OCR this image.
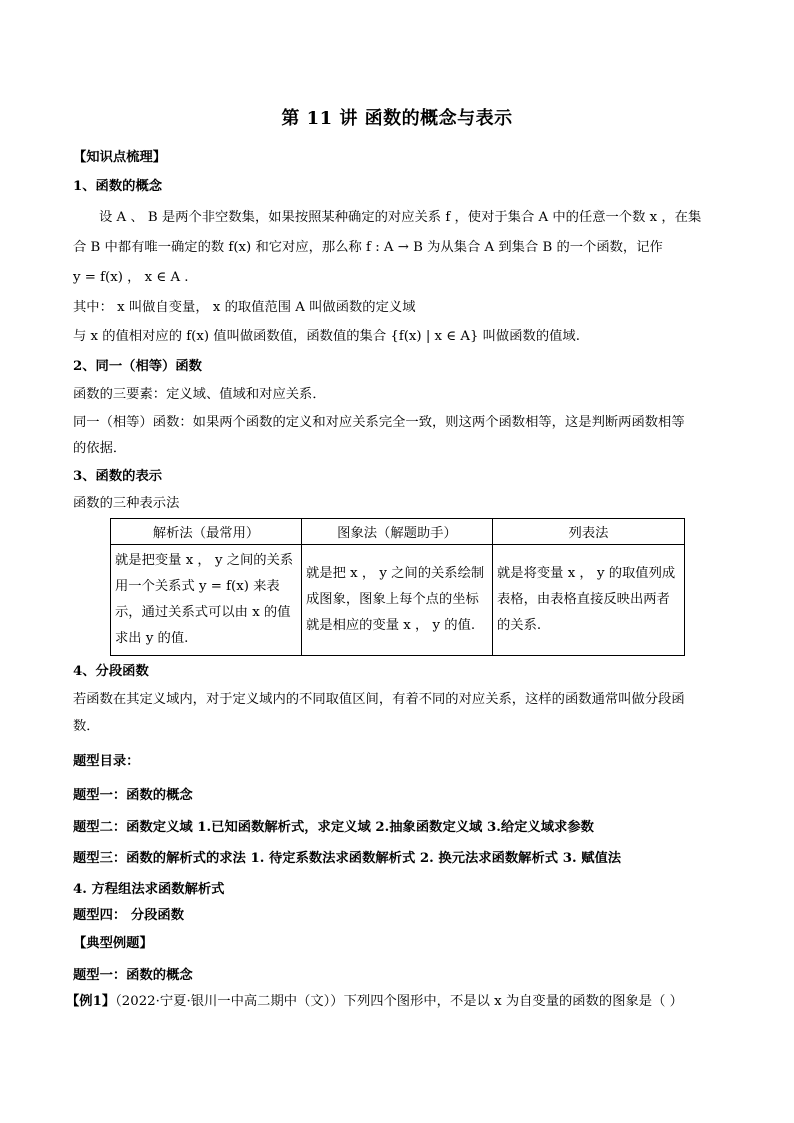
第 11 讲 函数的概念与表示
【知识点梳理】
1、函数的概念
设 A 、 B 是两个非空数集，如果按照某种确定的对应关系 f ，使对于集合 A 中的任意一个数 x ，在集
合 B 中都有唯一确定的数 f(x) 和它对应，那么称 f : A → B 为从集合 A 到集合 B 的一个函数，记作
y = f(x) ， x ∈ A .
其中： x 叫做自变量， x 的取值范围 A 叫做函数的定义域
与 x 的值相对应的 f(x) 值叫做函数值，函数值的集合 {f(x) | x ∈ A} 叫做函数的值域.
2、同一（相等）函数
函数的三要素：定义域、值域和对应关系．
同一（相等）函数：如果两个函数的定义和对应关系完全一致，则这两个函数相等，这是判断两函数相等
的依据．
3、函数的表示
函数的三种表示法
解析法（最常用）	图象法（解题助手）	列表法
就是把变量 x ， y 之间的关系用一个关系式 y = f(x) 来表示，通过关系式可以由 x 的值求出 y 的值.	就是把 x ， y 之间的关系绘制成图象，图象上每个点的坐标就是相应的变量 x ， y 的值.	就是将变量 x ， y 的取值列成表格，由表格直接反映出两者的关系.
4、分段函数
若函数在其定义域内，对于定义域内的不同取值区间，有着不同的对应关系，这样的函数通常叫做分段函
数．
题型目录：
题型一：函数的概念
题型二：函数定义域 1.已知函数解析式，求定义域 2.抽象函数定义域 3.给定义域求参数
题型三：函数的解析式的求法 1. 待定系数法求函数解析式 2. 换元法求函数解析式 3. 赋值法
4. 方程组法求函数解析式
题型四： 分段函数
【典型例题】
题型一：函数的概念
【例1】（2022·宁夏·银川一中高二期中（文））下列四个图形中，不是以 x 为自变量的函数的图象是（ ）
